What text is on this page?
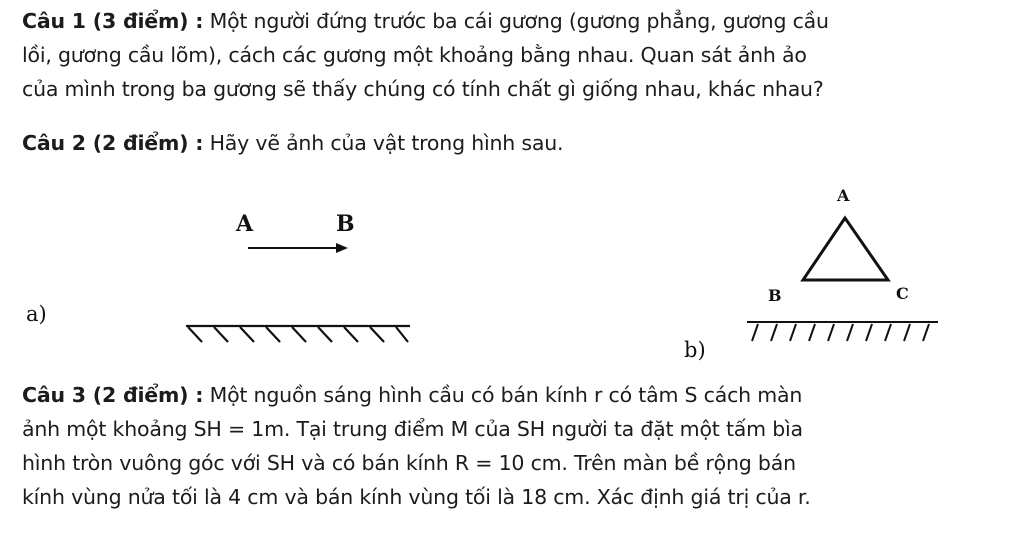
Câu 1 (3 điểm) : Một người đứng trước ba cái gương (gương phẳng, gương cầu
lồi, gương cầu lõm), cách các gương một khoảng bằng nhau. Quan sát ảnh ảo
của mình trong ba gương sẽ thấy chúng có tính chất gì giống nhau, khác nhau?
Câu 2 (2 điểm) : Hãy vẽ ảnh của vật trong hình sau.
A	B
a)
A
B	C
b)
Câu 3 (2 điểm) : Một nguồn sáng hình cầu có bán kính r có tâm S cách màn
ảnh một khoảng SH = 1m. Tại trung điểm M của SH người ta đặt một tấm bìa
hình tròn vuông góc với SH và có bán kính R = 10 cm. Trên màn bề rộng bán
kính vùng nửa tối là 4 cm và bán kính vùng tối là 18 cm. Xác định giá trị của r.
